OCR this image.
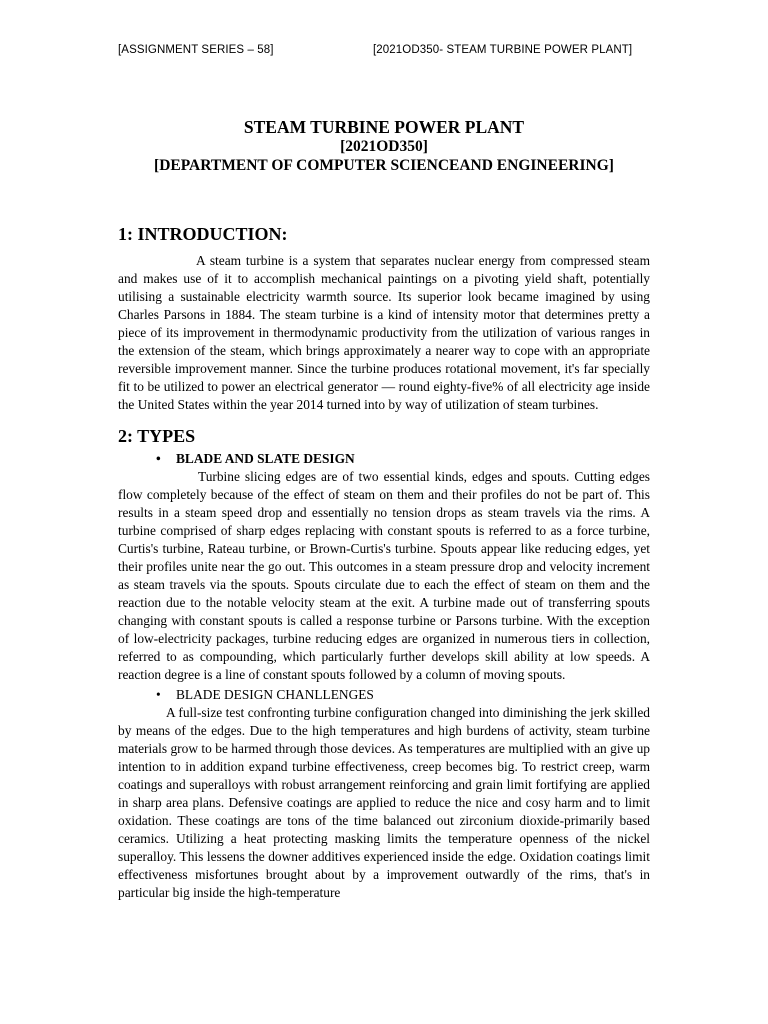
[ASSIGNMENT SERIES – 58]	[2021OD350- STEAM TURBINE POWER PLANT]
STEAM TURBINE POWER PLANT
[2021OD350]
[DEPARTMENT OF COMPUTER SCIENCEAND ENGINEERING]
1: INTRODUCTION:

A steam turbine is a system that separates nuclear energy from compressed steam and makes use of it to accomplish mechanical paintings on a pivoting yield shaft, potentially utilising a sustainable electricity warmth source. Its superior look became imagined by using Charles Parsons in 1884. The steam turbine is a kind of intensity motor that determines pretty a piece of its improvement in thermodynamic productivity from the utilization of various ranges in the extension of the steam, which brings approximately a nearer way to cope with an appropriate reversible improvement manner. Since the turbine produces rotational movement, it's far specially fit to be utilized to power an electrical generator — round eighty-five% of all electricity age inside the United States within the year 2014 turned into by way of utilization of steam turbines.

2: TYPES
• BLADE AND SLATE DESIGN

Turbine slicing edges are of two essential kinds, edges and spouts. Cutting edges flow completely because of the effect of steam on them and their profiles do not be part of. This results in a steam speed drop and essentially no tension drops as steam travels via the rims. A turbine comprised of sharp edges replacing with constant spouts is referred to as a force turbine, Curtis's turbine, Rateau turbine, or Brown-Curtis's turbine. Spouts appear like reducing edges, yet their profiles unite near the go out. This outcomes in a steam pressure drop and velocity increment as steam travels via the spouts. Spouts circulate due to each the effect of steam on them and the reaction due to the notable velocity steam at the exit. A turbine made out of transferring spouts changing with constant spouts is called a response turbine or Parsons turbine. With the exception of low-electricity packages, turbine reducing edges are organized in numerous tiers in collection, referred to as compounding, which particularly further develops skill ability at low speeds. A reaction degree is a line of constant spouts followed by a column of moving spouts.

• BLADE DESIGN CHANLLENGES

A full-size test confronting turbine configuration changed into diminishing the jerk skilled by means of the edges. Due to the high temperatures and high burdens of activity, steam turbine materials grow to be harmed through those devices. As temperatures are multiplied with an give up intention to in addition expand turbine effectiveness, creep becomes big. To restrict creep, warm coatings and superalloys with robust arrangement reinforcing and grain limit fortifying are applied in sharp area plans. Defensive coatings are applied to reduce the nice and cosy harm and to limit oxidation. These coatings are tons of the time balanced out zirconium dioxide-primarily based ceramics. Utilizing a heat protecting masking limits the temperature openness of the nickel superalloy. This lessens the downer additives experienced inside the edge. Oxidation coatings limit effectiveness misfortunes brought about by a improvement outwardly of the rims, that's in particular big inside the high-temperature
